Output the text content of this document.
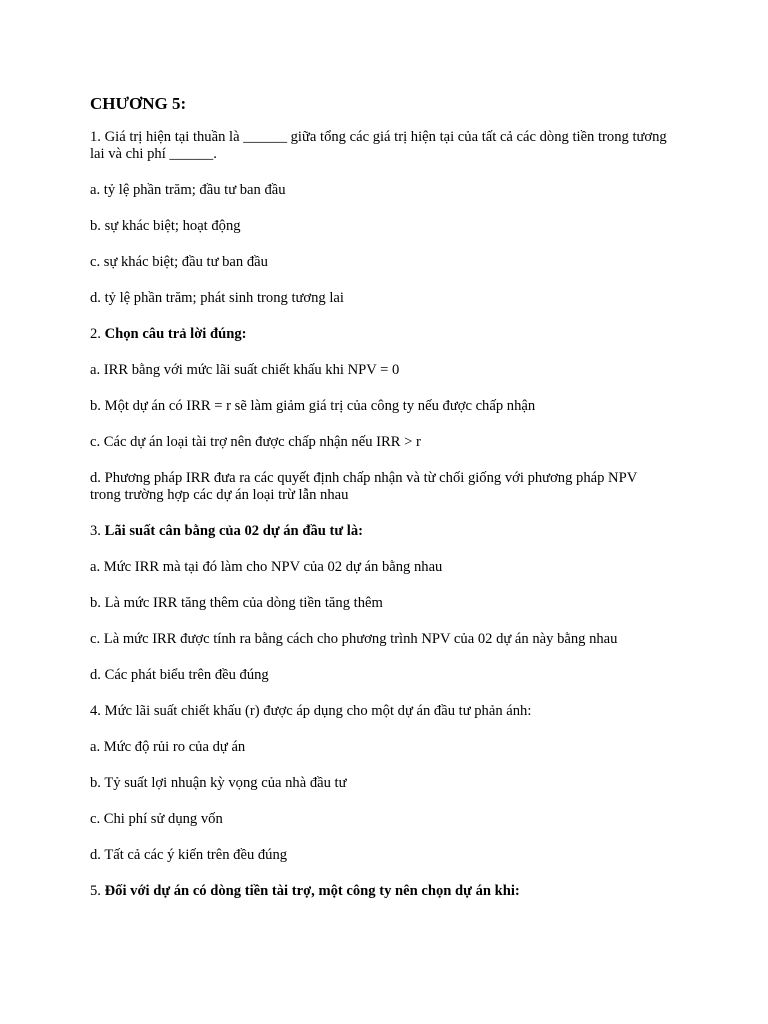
CHƯƠNG 5:
1. Giá trị hiện tại thuần là ______ giữa tổng các giá trị hiện tại của tất cả các dòng tiền trong tương lai và chi phí ______.
a. tỷ lệ phần trăm; đầu tư ban đầu
b. sự khác biệt; hoạt động
c. sự khác biệt; đầu tư ban đầu
d. tỷ lệ phần trăm; phát sinh trong tương lai
2. Chọn câu trả lời đúng:
a. IRR bằng với mức lãi suất chiết khấu khi NPV = 0
b. Một dự án có IRR = r sẽ làm giảm giá trị của công ty nếu được chấp nhận
c. Các dự án loại tài trợ nên được chấp nhận nếu IRR > r
d. Phương pháp IRR đưa ra các quyết định chấp nhận và từ chối giống với phương pháp NPV trong trường hợp các dự án loại trừ lẫn nhau
3. Lãi suất cân bằng của 02 dự án đầu tư là:
a. Mức IRR mà tại đó làm cho NPV của 02 dự án bằng nhau
b. Là mức IRR tăng thêm của dòng tiền tăng thêm
c. Là mức IRR được tính ra bằng cách cho phương trình NPV của 02 dự án này bằng nhau
d. Các phát biểu trên đều đúng
4. Mức lãi suất chiết khấu (r) được áp dụng cho một dự án đầu tư phản ánh:
a. Mức độ rủi ro của dự án
b. Tỷ suất lợi nhuận kỳ vọng của nhà đầu tư
c. Chi phí sử dụng vốn
d. Tất cả các ý kiến trên đều đúng
5. Đối với dự án có dòng tiền tài trợ, một công ty nên chọn dự án khi:
